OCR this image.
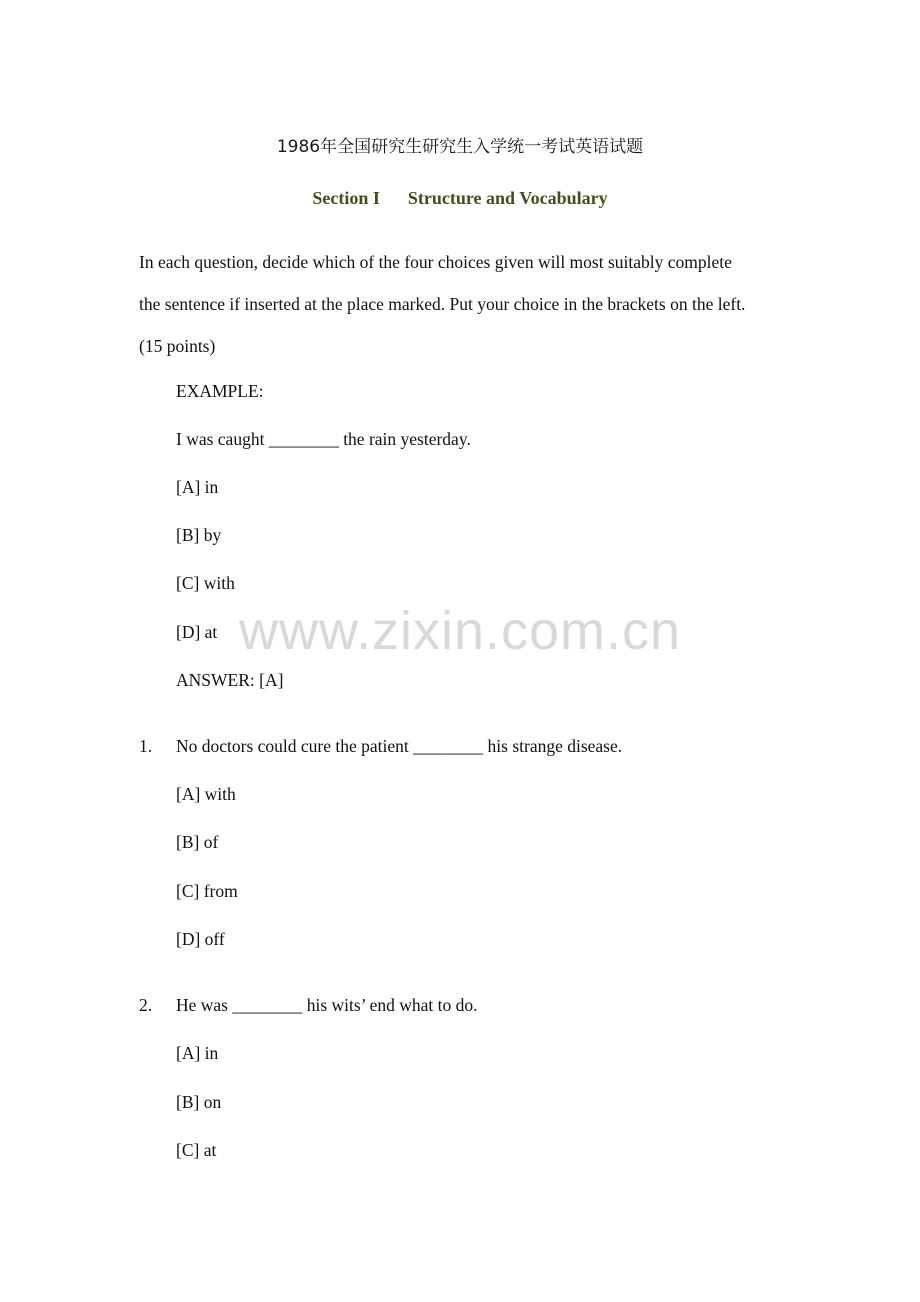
1986年全国研究生研究生入学统一考试英语试题
Section I Structure and Vocabulary

In each question, decide which of the four choices given will most suitably complete

the sentence if inserted at the place marked. Put your choice in the brackets on the left.

(15 points)

EXAMPLE:
I was caught ________ the rain yesterday.
[A] in
[B] by
[C] with
[D] at
ANSWER: [A]
1. No doctors could cure the patient ________ his strange disease.
[A] with
[B] of
[C] from
[D] off
2. He was ________ his wits’ end what to do.
[A] in
[B] on
[C] at
www.zixin.com.cn
